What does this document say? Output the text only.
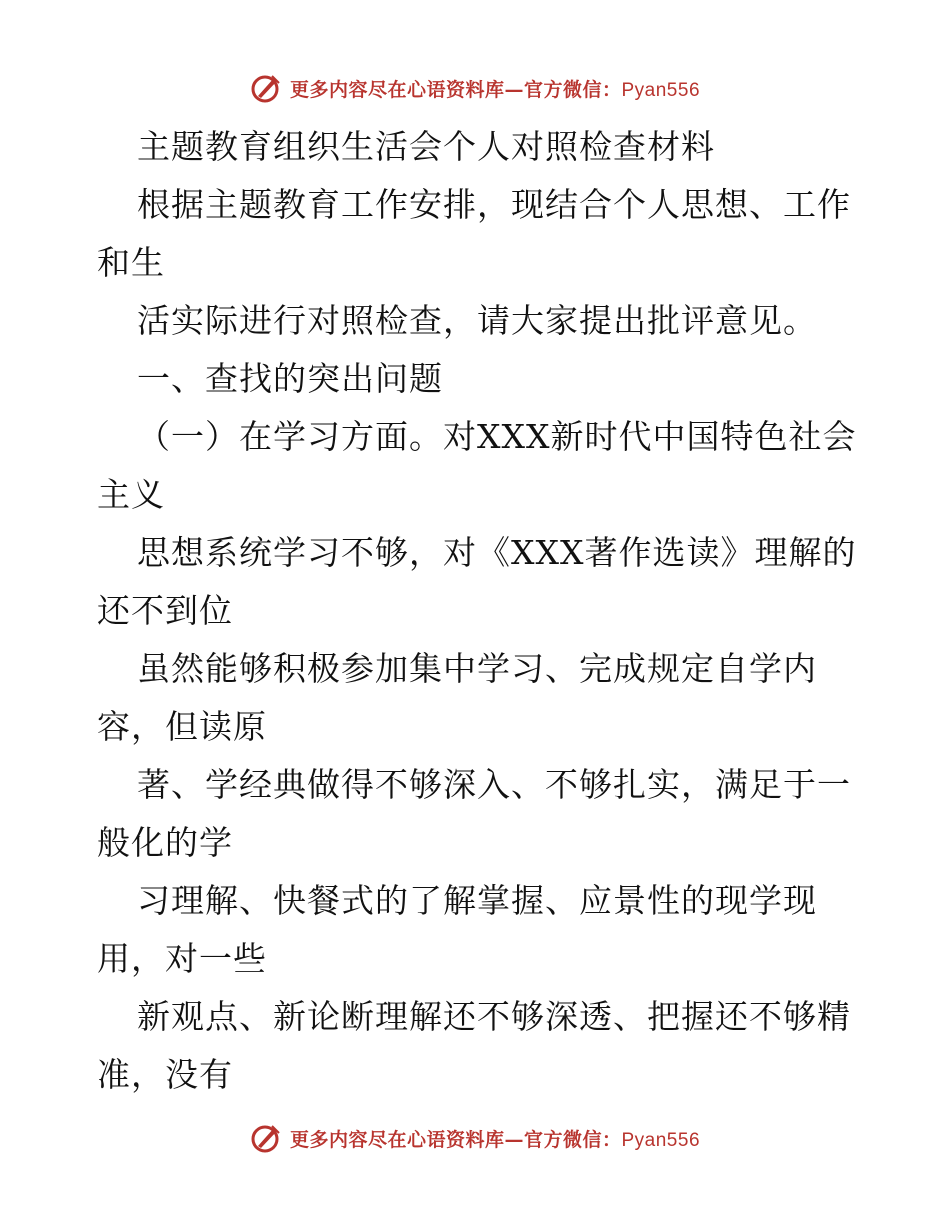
更多内容尽在心语资料库—官方微信：Pyan556
主题教育组织生活会个人对照检查材料
根据主题教育工作安排，现结合个人思想、工作
和生
活实际进行对照检查，请大家提出批评意见。
一、查找的突出问题
（一）在学习方面。对XXX新时代中国特色社会
主义
思想系统学习不够，对《XXX著作选读》理解的
还不到位
虽然能够积极参加集中学习、完成规定自学内
容，但读原
著、学经典做得不够深入、不够扎实，满足于一
般化的学
习理解、快餐式的了解掌握、应景性的现学现
用，对一些
新观点、新论断理解还不够深透、把握还不够精
准，没有
更多内容尽在心语资料库—官方微信：Pyan556
